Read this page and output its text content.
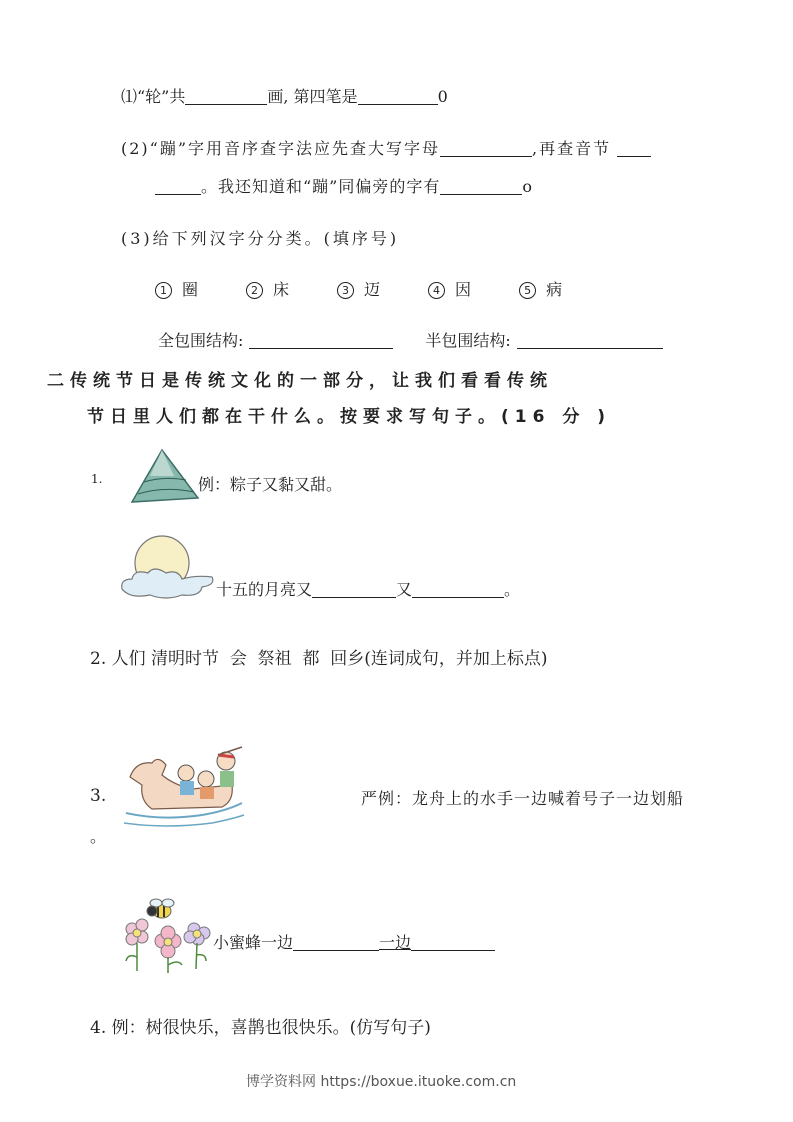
⑴“轮”共	画, 第四笔是	0
(2)“蹦”字用音序查字法应先查大写字母	,再查音节
。我还知道和“蹦”同偏旁的字有	o
(3)给下列汉字分分类。(填序号)
1 圈	2 床	3 迈	4 因	5 病
全包围结构:	半包围结构:
二传统节日是传统文化的一部分，让我们看看传统
节日里人们都在干什么。按要求写句子。(16 分 )
1.	例：粽子又黏又甜。
十五的月亮又	又	。
2. 人们 清明时节  会  祭祖  都  回乡(连词成句，并加上标点)
3.	严例：龙舟上的水手一边喊着号子一边划船
。
小蜜蜂一边	一边
4. 例：树很快乐，喜鹊也很快乐。(仿写句子)
博学资料网 https://boxue.ituoke.com.cn
